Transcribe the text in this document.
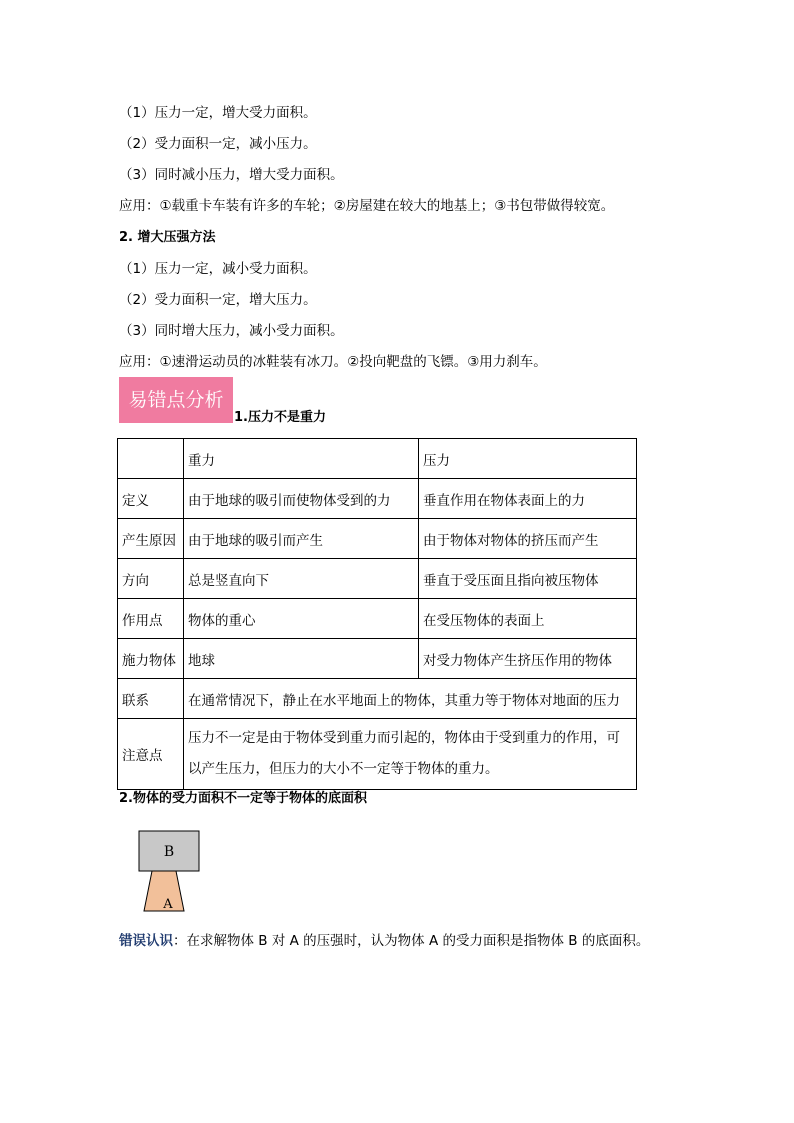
（1）压力一定，增大受力面积。
（2）受力面积一定，减小压力。
（3）同时减小压力，增大受力面积。
应用：①载重卡车装有许多的车轮；②房屋建在较大的地基上；③书包带做得较宽。
2. 增大压强方法
（1）压力一定，减小受力面积。
（2）受力面积一定，增大压力。
（3）同时增大压力，减小受力面积。
应用：①速滑运动员的冰鞋装有冰刀。②投向靶盘的飞镖。③用力刹车。
易错点分析
1.压力不是重力
	重力	压力
定义	由于地球的吸引而使物体受到的力	垂直作用在物体表面上的力
产生原因	由于地球的吸引而产生	由于物体对物体的挤压而产生
方向	总是竖直向下	垂直于受压面且指向被压物体
作用点	物体的重心	在受压物体的表面上
施力物体	地球	对受力物体产生挤压作用的物体
联系	在通常情况下，静止在水平地面上的物体，其重力等于物体对地面的压力	
注意点	压力不一定是由于物体受到重力而引起的，物体由于受到重力的作用，可以产生压力，但压力的大小不一定等于物体的重力。	
2.物体的受力面积不一定等于物体的底面积
B
A
错误认识：在求解物体 B 对 A 的压强时，认为物体 A 的受力面积是指物体 B 的底面积。
